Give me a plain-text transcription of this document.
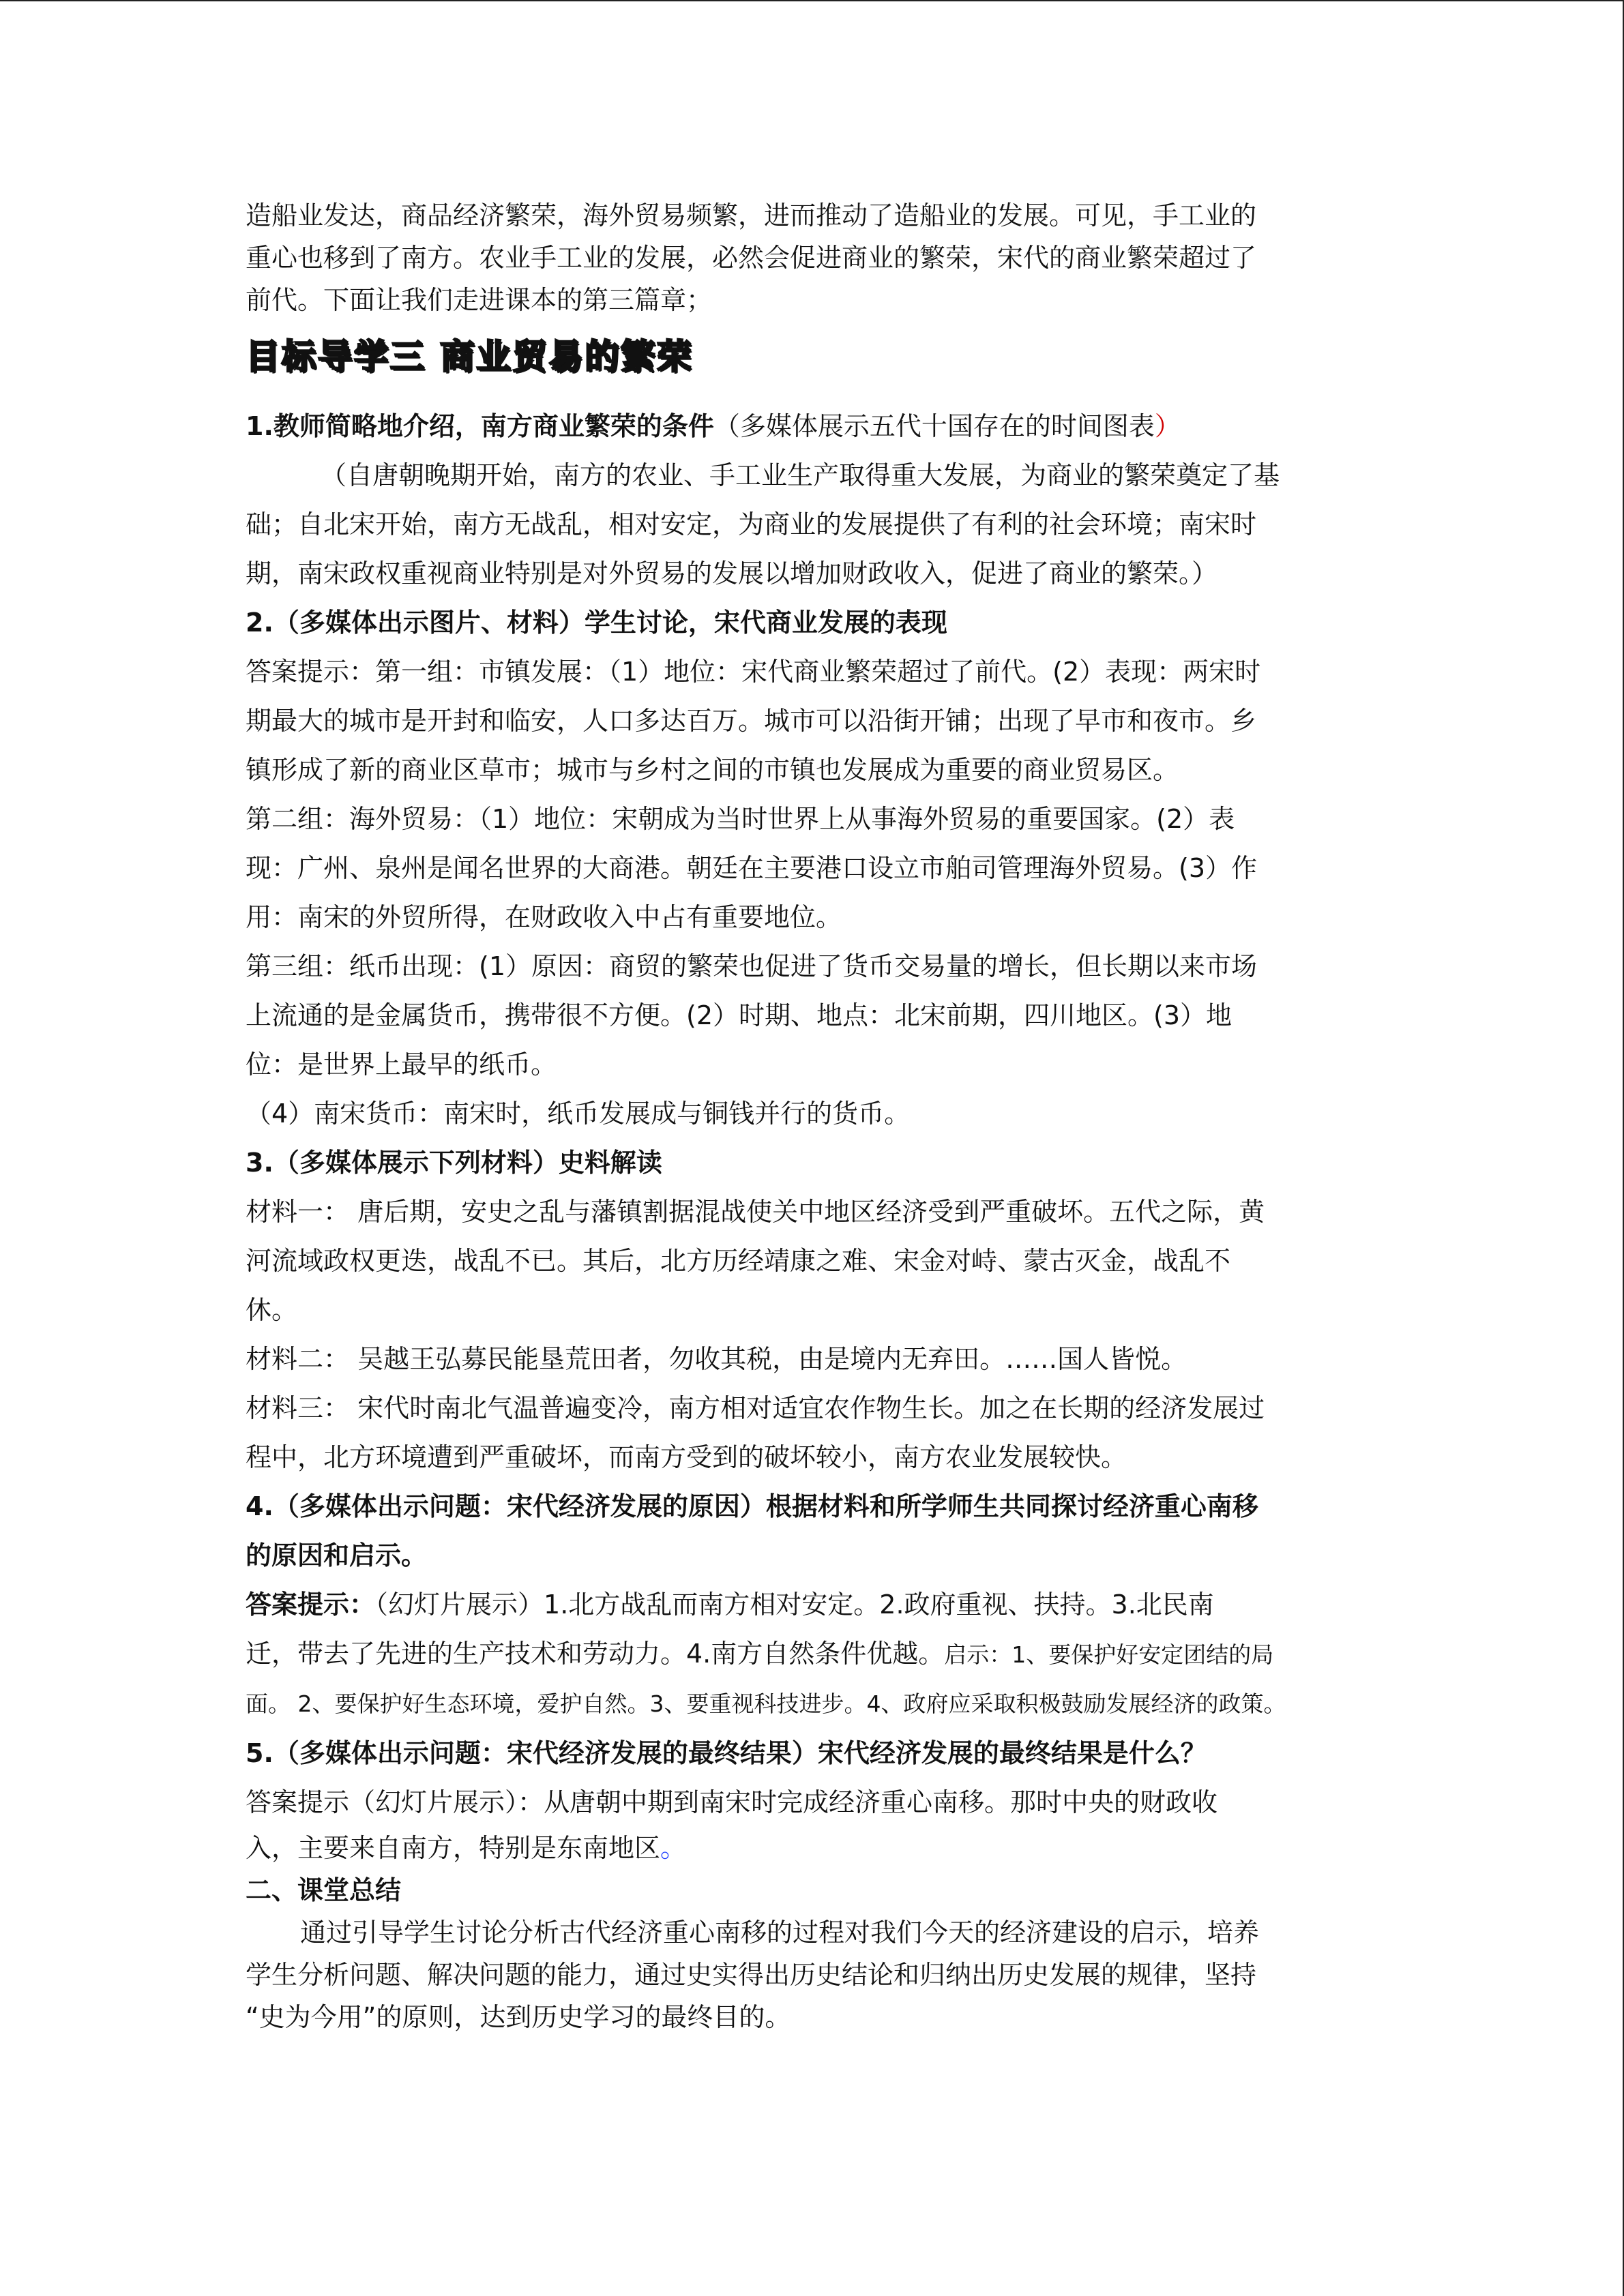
造船业发达，商品经济繁荣，海外贸易频繁，进而推动了造船业的发展。可见，手工业的

重心也移到了南方。农业手工业的发展，必然会促进商业的繁荣，宋代的商业繁荣超过了

前代。下面让我们走进课本的第三篇章；

目标导学三 商业贸易的繁荣

1.教师简略地介绍，南方商业繁荣的条件（多媒体展示五代十国存在的时间图表）

（自唐朝晚期开始，南方的农业、手工业生产取得重大发展，为商业的繁荣奠定了基

础；自北宋开始，南方无战乱，相对安定，为商业的发展提供了有利的社会环境；南宋时

期，南宋政权重视商业特别是对外贸易的发展以增加财政收入，促进了商业的繁荣。）

2.（多媒体出示图片、材料）学生讨论，宋代商业发展的表现

答案提示：第一组：市镇发展：（1）地位：宋代商业繁荣超过了前代。(2）表现：两宋时

期最大的城市是开封和临安，人口多达百万。城市可以沿街开铺；出现了早市和夜市。乡

镇形成了新的商业区草市；城市与乡村之间的市镇也发展成为重要的商业贸易区。

第二组：海外贸易：（1）地位：宋朝成为当时世界上从事海外贸易的重要国家。(2）表

现：广州、泉州是闻名世界的大商港。朝廷在主要港口设立市舶司管理海外贸易。(3）作

用：南宋的外贸所得，在财政收入中占有重要地位。

第三组：纸币出现：(1）原因：商贸的繁荣也促进了货币交易量的增长，但长期以来市场

上流通的是金属货币，携带很不方便。(2）时期、地点：北宋前期，四川地区。(3）地

位：是世界上最早的纸币。

（4）南宋货币：南宋时，纸币发展成与铜钱并行的货币。

3.（多媒体展示下列材料）史料解读

材料一： 唐后期，安史之乱与藩镇割据混战使关中地区经济受到严重破坏。五代之际，黄

河流域政权更迭，战乱不已。其后，北方历经靖康之难、宋金对峙、蒙古灭金，战乱不

休。

材料二： 吴越王弘募民能垦荒田者，勿收其税，由是境内无弃田。……国人皆悦。

材料三： 宋代时南北气温普遍变冷，南方相对适宜农作物生长。加之在长期的经济发展过

程中，北方环境遭到严重破坏，而南方受到的破坏较小，南方农业发展较快。

4.（多媒体出示问题：宋代经济发展的原因）根据材料和所学师生共同探讨经济重心南移

的原因和启示。

答案提示：（幻灯片展示）1.北方战乱而南方相对安定。2.政府重视、扶持。3.北民南

迁，带去了先进的生产技术和劳动力。4.南方自然条件优越。启示：1、要保护好安定团结的局

面。 2、要保护好生态环境，爱护自然。3、要重视科技进步。4、政府应采取积极鼓励发展经济的政策。

5.（多媒体出示问题：宋代经济发展的最终结果）宋代经济发展的最终结果是什么？

答案提示（幻灯片展示）：从唐朝中期到南宋时完成经济重心南移。那时中央的财政收

入，主要来自南方，特别是东南地区。

二、课堂总结

通过引导学生讨论分析古代经济重心南移的过程对我们今天的经济建设的启示，培养

学生分析问题、解决问题的能力，通过史实得出历史结论和归纳出历史发展的规律，坚持

“史为今用”的原则，达到历史学习的最终目的。
